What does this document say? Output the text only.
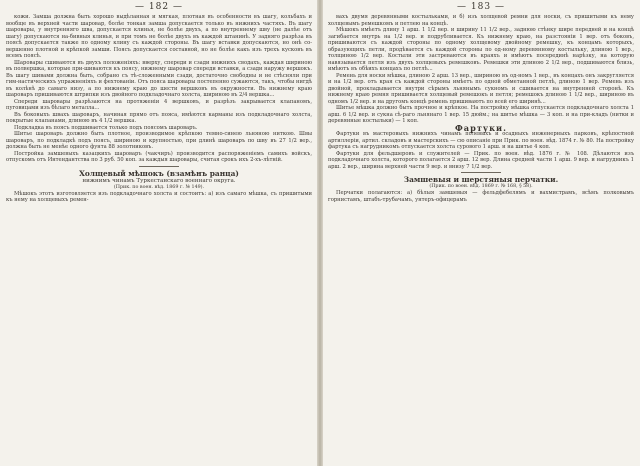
— 182 —

кожи. Замша должна быть хорошо выдѣланная и мягкая, плотная въ особенности въ шагу, кольбахъ и вообще въ верхней части шаровар, болѣе тонкая замша допускается только въ нижнихъ частяхъ. Въ шагу шаровары, у внутренняго шва, допускается клинья, не болѣе двухъ, а по внутреннему шву (не далѣе отъ шагу) допускаются на-бивныя клинья, и при томъ не болѣе двухъ въ каждой штанинѣ. У задняго разрѣза въ поясѣ допускается также по одному клину съ каждой стороны. Въ шагу вставки допускаются, но онѣ со-вершенно плотной и крѣпкой замши. Поясъ допускается составной, но не болѣе какъ изъ трехъ кусковъ въ всемъ поясѣ.

Шаровары сшиваются въ двухъ положеніяхъ: вверху, спереди и сзади нижнихъ сводахъ, каждая шириною въ полвершка, которые при-шиваются къ поясу, нижнему шаровар спереди вставки, а сзади наружу вершокъ. Въ шагу шивами должна быть, собрано съ тѣ-сложенными сзади, достаточно свободны и не стѣсняли при гим-настическихъ упражненіяхъ и фехтованіи. Отъ пояса шаровары постепенно сужаются, такъ, чтобы нигдѣ въ колѣнѣ до самаго низу, а по нижнему краю до шести вершковъ въ окружности. Въ нижнему краю шароваръ пришиваются штрипки изъ двойного подкладочнаго холста, шириною въ 2/4 вершка...

Спереди шаровары разрѣзаются на протяженіи 4 вершковъ, и разрѣзъ закрывается клапаномъ, пуговицами изъ бѣлаго металла...

Въ боковыхъ швахъ шароваръ, начиная прямо отъ пояса, имѣются карманы изъ подкладочнаго холста, покрытые клапанами, длиною въ 4 1/2 вершка.

Подкладка въ поясъ подшивается только подъ поясомъ шароваръ.

Шитье шароваръ должно быть плотное, производимое крѣпкою темно-синею льняною ниткою. Швы шароваръ, по подкладкѣ подъ поясъ, шириною и крупностью, при длинѣ шароваръ по шву въ 27 1/2 вер., должна быть не менѣе одного фунта 88 золотниковъ.

Постройка замшевыхъ казацкихъ шароваръ (чакчиръ) производится распоряженіемъ самихъ войскъ, отпускомъ отъ Интендантства по 3 руб. 50 коп. за каждыя шаровары, считая срокъ ихъ 2-хъ-лѣтній.

Холщевый мѣшокъ (взамѣнъ ранца)

нижнимъ чинамъ Туркестанскаго военнаго округа.

(Прик. по воен. вѣд. 1869 г. № 149).

Мѣшокъ этотъ изготовляется изъ подкладочнаго холста и состоитъ: а) изъ самаго мѣшка, съ пришитыми къ нему на холщевыхъ ремен-

— 183 —

вахъ двумя деревянными костыльками, и б) изъ холщевой ремни для носки, съ пришитыми къ нему холщевымъ ремешкомъ и петлею на концѣ.

Мѣшокъ имѣетъ длину 1 арш. 1 1/2 вер. и ширину 11 1/2 вер., заднюю стѣнку шире передней и на концѣ загибается внутрь на 1/2 вер. и подрубливается. Къ нижнему краю, на разстояніи 1 вер. отъ боковъ, пришиваются съ каждой стороны по одному холщевому двойному ремешку, къ концамъ которыхъ, образующихъ петли, продѣвается съ каждой стороны по од-ному деревянному костыльку, длиною 1 вер., толщиною 1/2 вер. Костыли эти застреваются въ краяхъ и имѣютъ посерединѣ нарѣзку, на которую навязывается петля изъ двухъ холщевыхъ ремешковъ. Ремешки эти длиною 2 1/2 вер., подшиваются близь, имѣютъ въ обѣихъ концахъ по петлѣ...

Ремень для носки мѣшка, длиною 2 арш. 13 вер., шириною въ од-номъ 1 вер., въ концахъ онъ закругляется и на 1/2 вер. отъ края съ каждой стороны имѣетъ по одной обметанной петлѣ, длиною 1 вер. Ремень изъ двойной, прокладывается внутри сѣрымъ льнянымъ сукномъ и сшивается на внутренней сторонѣ. Къ нижнему краю ремня пришивается холщевый ремешокъ и петля; ремешокъ длиною 1 1/2 вер., шириною въ одномъ 1/2 вер. и на другомъ концѣ ремень пришиваютъ по всей его ширинѣ...

Шитье мѣшка должно быть прочное и крѣпкое. На постройку мѣшка отпускается подкладочнаго холста 1 арш. 6 1/2 вер. и сукна сѣ-раго льнянаго 1 вер. 15 дюйм.; на шитье мѣшка — 3 коп. и на при-кладъ (нитки и деревянные костыльки) — 1 коп.

Фартуки.

Фартуки въ мастеровыхъ нижнихъ чинамъ полевыхъ и осадныхъ инженерныхъ парковъ, крѣпостной артиллеріи, артил. складовъ и мастерскихъ — сю описаніе при Прик. по воен. вѣд. 1874 г. № 80. На постройку фартука съ нагрудникомъ отпускается холста сурового 1 арш. и на шитье 4 коп.

Фартуки для фельдшеровъ и служителей — Прик. по воен. вѣд. 1876 г. № 108. Дѣлаются изъ подкладочнаго холста, которого полагается 2 арш. 12 вер. Длина средней части 1 арш. 9 вер. и нагрудникъ 1 арш. 2 вер., ширина верхней части 9 вер. и внизу 7 1/2 вер.

Замшевыя и шерстяныя перчатки.

(Прик. по воен. вѣд. 1869 г. № 168, § 58).

Перчатки полагаются: а) бѣлыя замшевыя — фельдфебелямъ и вахмистрамъ, всѣмъ полковымъ горнистамъ, штабъ-трубачамъ, унтеръ-офицерамъ
